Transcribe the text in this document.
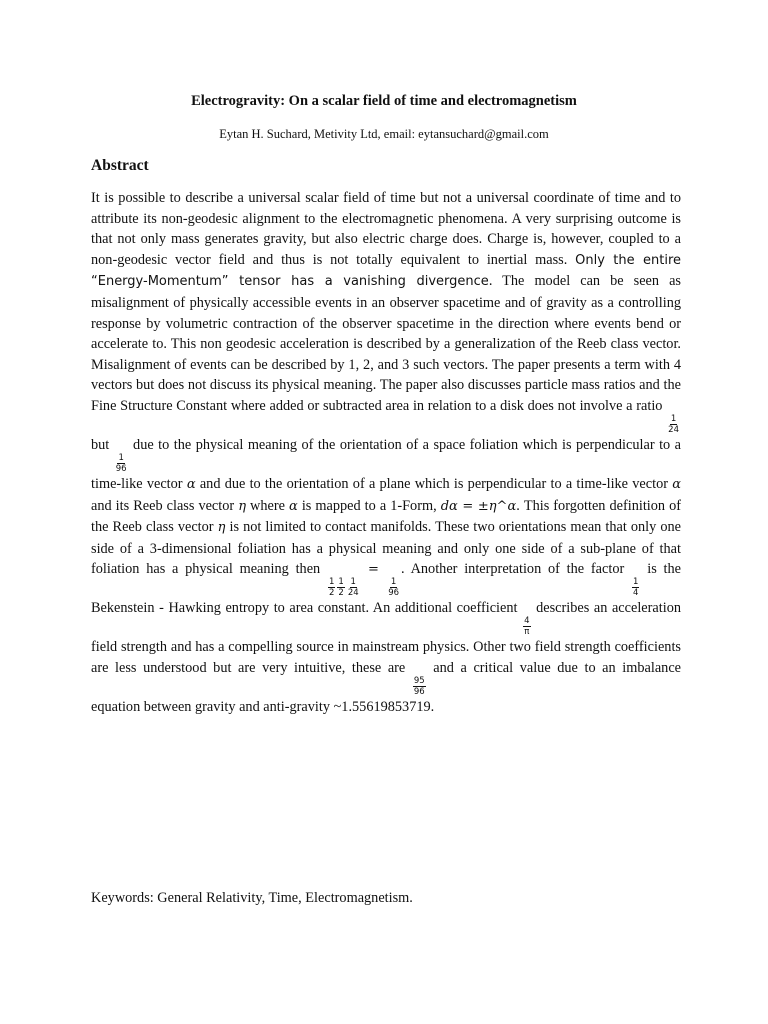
Electrogravity: On a scalar field of time and electromagnetism
Eytan H. Suchard, Metivity Ltd, email: eytansuchard@gmail.com
Abstract

It is possible to describe a universal scalar field of time but not a universal coordinate of time and to attribute its non-geodesic alignment to the electromagnetic phenomena. A very surprising outcome is that not only mass generates gravity, but also electric charge does. Charge is, however, coupled to a non-geodesic vector field and thus is not totally equivalent to inertial mass. Only the entire “Energy-Momentum” tensor has a vanishing divergence. The model can be seen as misalignment of physically accessible events in an observer spacetime and of gravity as a controlling response by volumetric contraction of the observer spacetime in the direction where events bend or accelerate to. This non geodesic acceleration is described by a generalization of the Reeb class vector. Misalignment of events can be described by 1, 2, and 3 such vectors. The paper presents a term with 4 vectors but does not discuss its physical meaning. The paper also discusses particle mass ratios and the Fine Structure Constant where added or subtracted area in relation to a disk does not involve a ratio
$\frac{1}{24}$
but
$\frac{1}{96}$
due to the physical meaning of the orientation of a space foliation which is perpendicular to a time-like vector α and due to the orientation of a plane which is perpendicular to a time-like vector α and its Reeb class vector η where α is mapped to a 1-Form, dα = ±η^α. This forgotten definition of the Reeb class vector η is not limited to contact manifolds. These two orientations mean that only one side of a 3-dimensional foliation has a physical meaning and only one side of a sub-plane of that foliation has a physical meaning then
$\frac{1}{2} \frac{1}{2} \frac{1}{24}$
=
$\frac{1}{96}$
. Another interpretation of the factor
$\frac{1}{4}$
is the Bekenstein - Hawking entropy to area constant. An additional coefficient
$\frac{4}{\pi}$
describes an acceleration field strength and has a compelling source in mainstream physics. Other two field strength coefficients are less understood but are very intuitive, these are
$\frac{95}{96}$
and a critical value due to an imbalance equation between gravity and anti-gravity ~1.55619853719.

Keywords: General Relativity, Time, Electromagnetism.
